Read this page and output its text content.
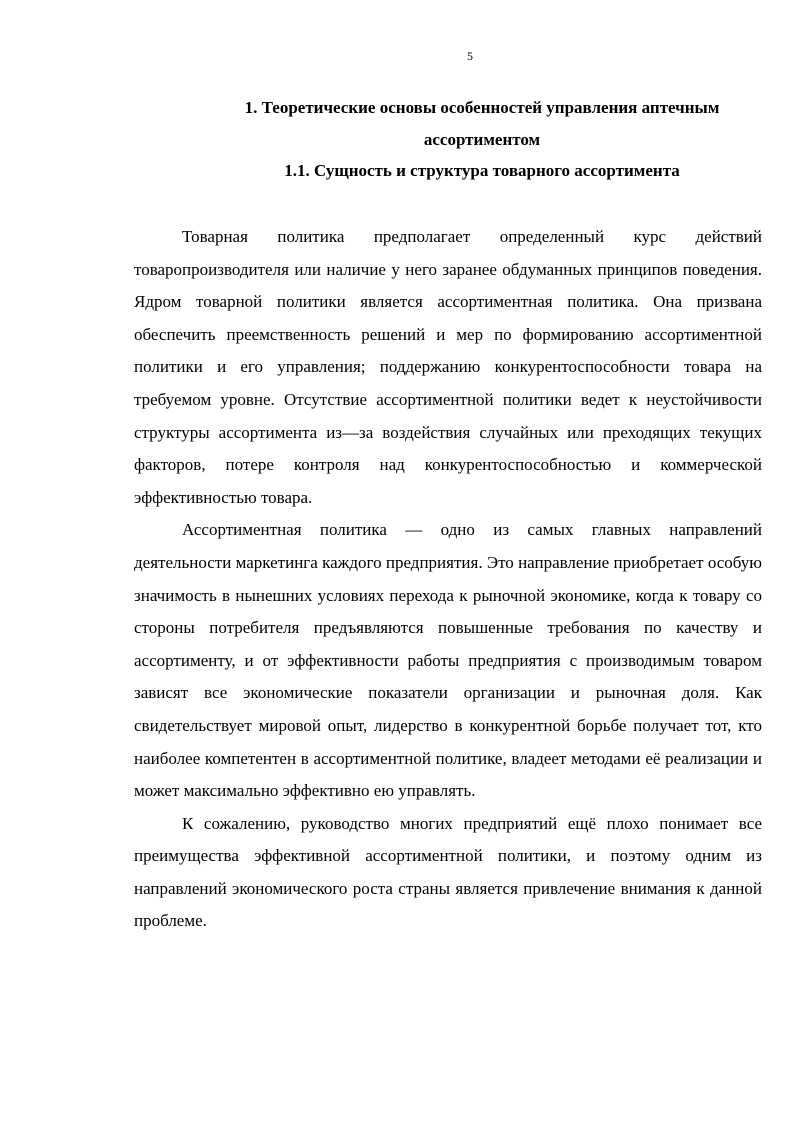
5
1. Теоретические основы особенностей управления аптечным
ассортиментом
1.1. Сущность и структура товарного ассортимента

Товарная политика предполагает определенный курс действий товаропроизводителя или наличие у него заранее обдуманных принципов поведения. Ядром товарной политики является ассортиментная политика. Она призвана обеспечить преемственность решений и мер по формированию ассортиментной политики и его управления; поддержанию конкурентоспособности товара на требуемом уровне. Отсутствие ассортиментной политики ведет к неустойчивости структуры ассортимента из—за воздействия случайных или преходящих текущих факторов, потере контроля над конкурентоспособностью и коммерческой эффективностью товара.

Ассортиментная политика — одно из самых главных направлений деятельности маркетинга каждого предприятия. Это направление приобретает особую значимость в нынешних условиях перехода к рыночной экономике, когда к товару со стороны потребителя предъявляются повышенные требования по качеству и ассортименту, и от эффективности работы предприятия с производимым товаром зависят все экономические показатели организации и рыночная доля. Как свидетельствует мировой опыт, лидерство в конкурентной борьбе получает тот, кто наиболее компетентен в ассортиментной политике, владеет методами её реализации и может максимально эффективно ею управлять.

К сожалению, руководство многих предприятий ещё плохо понимает все преимущества эффективной ассортиментной политики, и поэтому одним из направлений экономического роста страны является привлечение внимания к данной проблеме.
